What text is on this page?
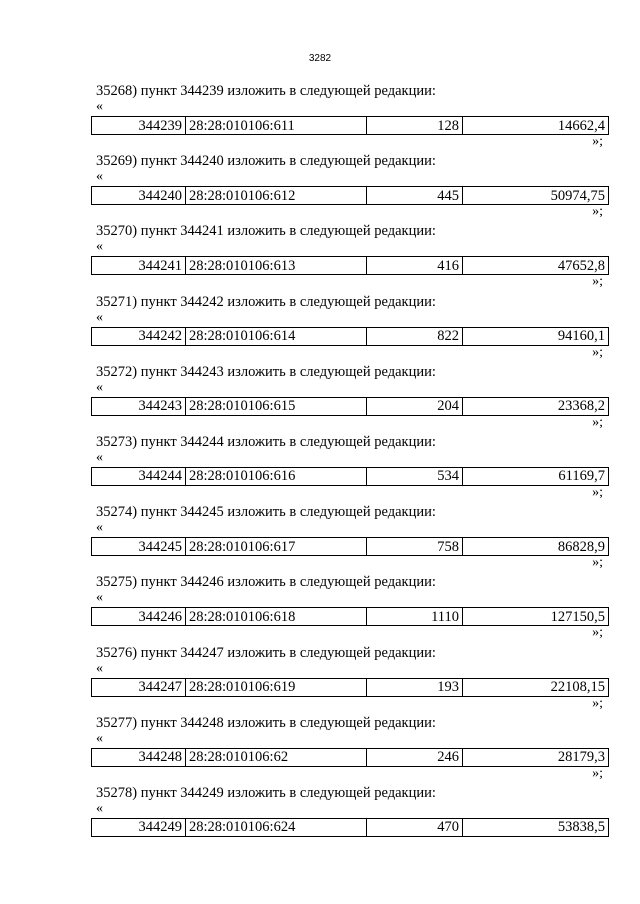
3282
35268) пункт 344239 изложить в следующей редакции:
«
344239	28:28:010106:611	128	14662,4
»;
35269) пункт 344240 изложить в следующей редакции:
«
344240	28:28:010106:612	445	50974,75
»;
35270) пункт 344241 изложить в следующей редакции:
«
344241	28:28:010106:613	416	47652,8
»;
35271) пункт 344242 изложить в следующей редакции:
«
344242	28:28:010106:614	822	94160,1
»;
35272) пункт 344243 изложить в следующей редакции:
«
344243	28:28:010106:615	204	23368,2
»;
35273) пункт 344244 изложить в следующей редакции:
«
344244	28:28:010106:616	534	61169,7
»;
35274) пункт 344245 изложить в следующей редакции:
«
344245	28:28:010106:617	758	86828,9
»;
35275) пункт 344246 изложить в следующей редакции:
«
344246	28:28:010106:618	1110	127150,5
»;
35276) пункт 344247 изложить в следующей редакции:
«
344247	28:28:010106:619	193	22108,15
»;
35277) пункт 344248 изложить в следующей редакции:
«
344248	28:28:010106:62	246	28179,3
»;
35278) пункт 344249 изложить в следующей редакции:
«
344249	28:28:010106:624	470	53838,5
